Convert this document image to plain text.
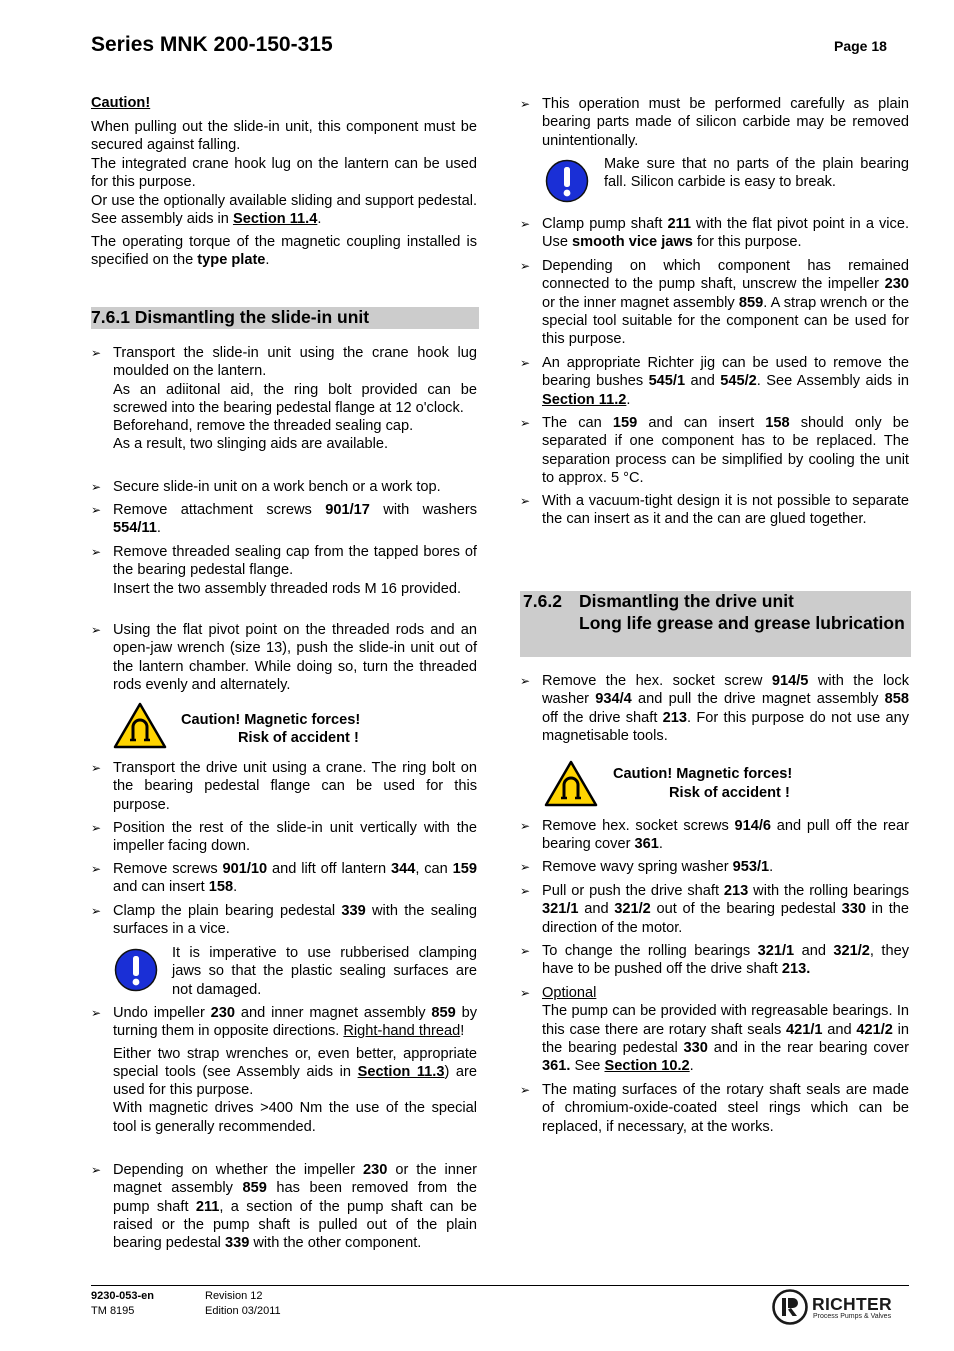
Series MNK 200-150-315	Page 18
Caution!

When pulling out the slide-in unit, this component must be secured against falling.

The integrated crane hook lug on the lantern can be used for this purpose.

Or use the optionally available sliding and support pedestal. See assembly aids in Section 11.4.

The operating torque of the magnetic coupling installed is specified on the type plate.

7.6.1 Dismantling the slide-in unit

➢ Transport the slide-in unit using the crane hook lug moulded on the lantern.

As an adiitonal aid, the ring bolt provided can be screwed into the bearing pedestal flange at 12 o'clock.

Beforehand, remove the threaded sealing cap.

As a result, two slinging aids are available.

➢ Secure slide-in unit on a work bench or a work top.

➢ Remove attachment screws 901/17 with washers 554/11.

➢ Remove threaded sealing cap from the tapped bores of the bearing pedestal flange.

Insert the two assembly threaded rods M 16 provided.

➢ Using the flat pivot point on the threaded rods and an open-jaw wrench (size 13), push the slide-in unit out of the lantern chamber. While doing so, turn the threaded rods evenly and alternately.

Caution! Magnetic forces!
Risk of accident !

➢ Transport the drive unit using a crane. The ring bolt on the bearing pedestal flange can be used for this purpose.

➢ Position the rest of the slide-in unit vertically with the impeller facing down.

➢ Remove screws 901/10 and lift off lantern 344, can 159 and can insert 158.

➢ Clamp the plain bearing pedestal 339 with the sealing surfaces in a vice.

It is imperative to use rubberised clamping jaws so that the plastic sealing surfaces are not damaged.

➢ Undo impeller 230 and inner magnet assembly 859 by turning them in opposite directions. Right-hand thread!

Either two strap wrenches or, even better, appropriate special tools (see Assembly aids in Section 11.3) are used for this purpose.

With magnetic drives >400 Nm the use of the special tool is generally recommended.

➢ Depending on whether the impeller 230 or the inner magnet assembly 859 has been removed from the pump shaft 211, a section of the pump shaft can be raised or the pump shaft is pulled out of the plain bearing pedestal 339 with the other component.

➢ This operation must be performed carefully as plain bearing parts made of silicon carbide may be removed unintentionally.

Make sure that no parts of the plain bearing fall. Silicon carbide is easy to break.

➢ Clamp pump shaft 211 with the flat pivot point in a vice. Use smooth vice jaws for this purpose.

➢ Depending on which component has remained connected to the pump shaft, unscrew the impeller 230 or the inner magnet assembly 859. A strap wrench or the special tool suitable for the component can be used for this purpose.

➢ An appropriate Richter jig can be used to remove the bearing bushes 545/1 and 545/2. See Assembly aids in Section 11.2.

➢ The can 159 and can insert 158 should only be separated if one component has to be replaced. The separation process can be simplified by cooling the unit to approx. 5 °C.

➢ With a vacuum-tight design it is not possible to separate the can insert as it and the can are glued together.

7.6.2 Dismantling the drive unit
Long life grease and grease lubrication

➢ Remove the hex. socket screw 914/5 with the lock washer 934/4 and pull the drive magnet assembly 858 off the drive shaft 213. For this purpose do not use any magnetisable tools.

Caution! Magnetic forces!
Risk of accident !

➢ Remove hex. socket screws 914/6 and pull off the rear bearing cover 361.

➢ Remove wavy spring washer 953/1.

➢ Pull or push the drive shaft 213 with the rolling bearings 321/1 and 321/2 out of the bearing pedestal 330 in the direction of the motor.

➢ To change the rolling bearings 321/1 and 321/2, they have to be pushed off the drive shaft 213.

➢ Optional

The pump can be provided with regreasable bearings. In this case there are rotary shaft seals 421/1 and 421/2 in the bearing pedestal 330 and in the rear bearing cover 361. See Section 10.2.

➢ The mating surfaces of the rotary shaft seals are made of chromium-oxide-coated steel rings which can be replaced, if necessary, at the works.

9230-053-en
TM 8195
Revision 12
Edition 03/2011	RICHTER
Process Pumps & Valves
